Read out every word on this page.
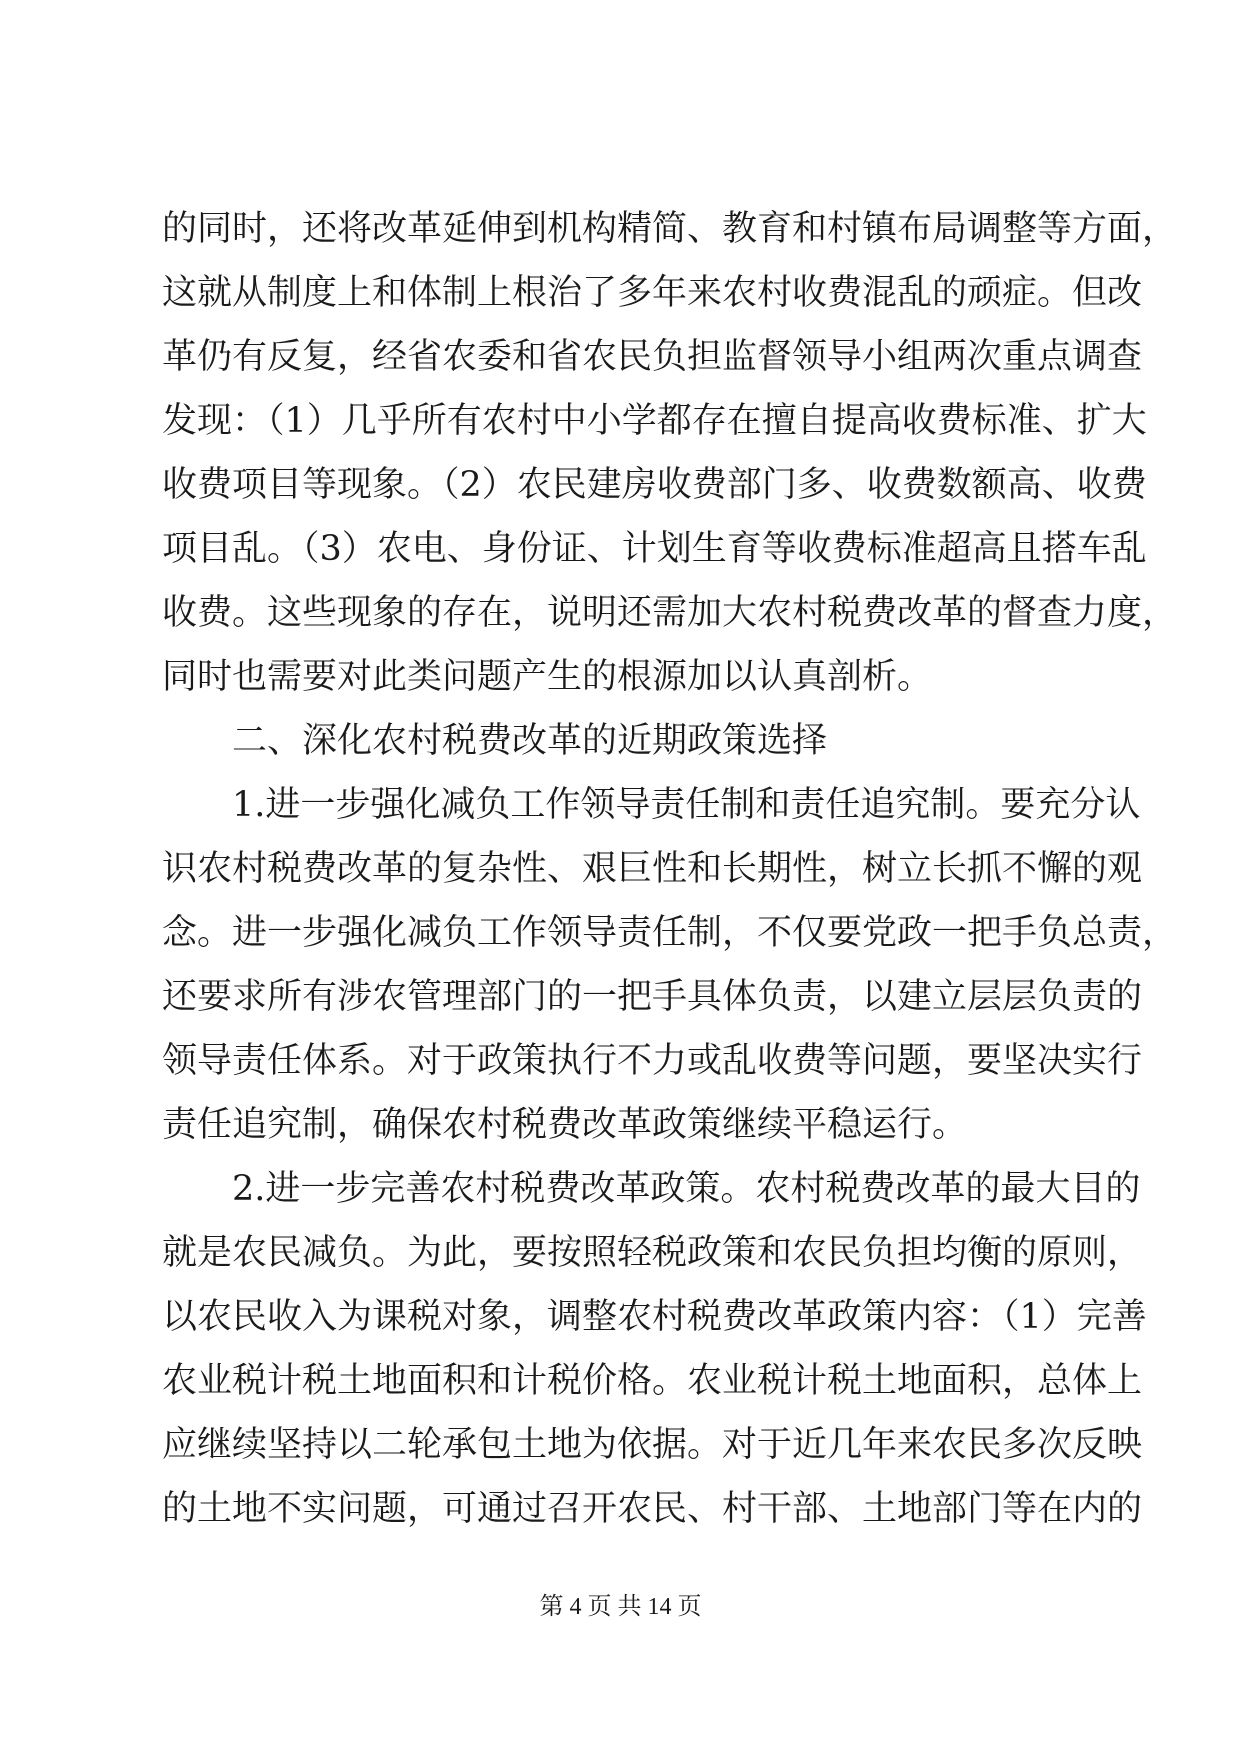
的同时，还将改革延伸到机构精简、教育和村镇布局调整等方面，
这就从制度上和体制上根治了多年来农村收费混乱的顽症。但改
革仍有反复，经省农委和省农民负担监督领导小组两次重点调查
发现：（1）几乎所有农村中小学都存在擅自提高收费标准、扩大
收费项目等现象。（2）农民建房收费部门多、收费数额高、收费
项目乱。（3）农电、身份证、计划生育等收费标准超高且搭车乱
收费。这些现象的存在，说明还需加大农村税费改革的督查力度，
同时也需要对此类问题产生的根源加以认真剖析。
二、深化农村税费改革的近期政策选择
1.进一步强化减负工作领导责任制和责任追究制。要充分认
识农村税费改革的复杂性、艰巨性和长期性，树立长抓不懈的观
念。进一步强化减负工作领导责任制，不仅要党政一把手负总责，
还要求所有涉农管理部门的一把手具体负责，以建立层层负责的
领导责任体系。对于政策执行不力或乱收费等问题，要坚决实行
责任追究制，确保农村税费改革政策继续平稳运行。
2.进一步完善农村税费改革政策。农村税费改革的最大目的
就是农民减负。为此，要按照轻税政策和农民负担均衡的原则，
以农民收入为课税对象，调整农村税费改革政策内容：（1）完善
农业税计税土地面积和计税价格。农业税计税土地面积，总体上
应继续坚持以二轮承包土地为依据。对于近几年来农民多次反映
的土地不实问题，可通过召开农民、村干部、土地部门等在内的
第 4 页 共 14 页
